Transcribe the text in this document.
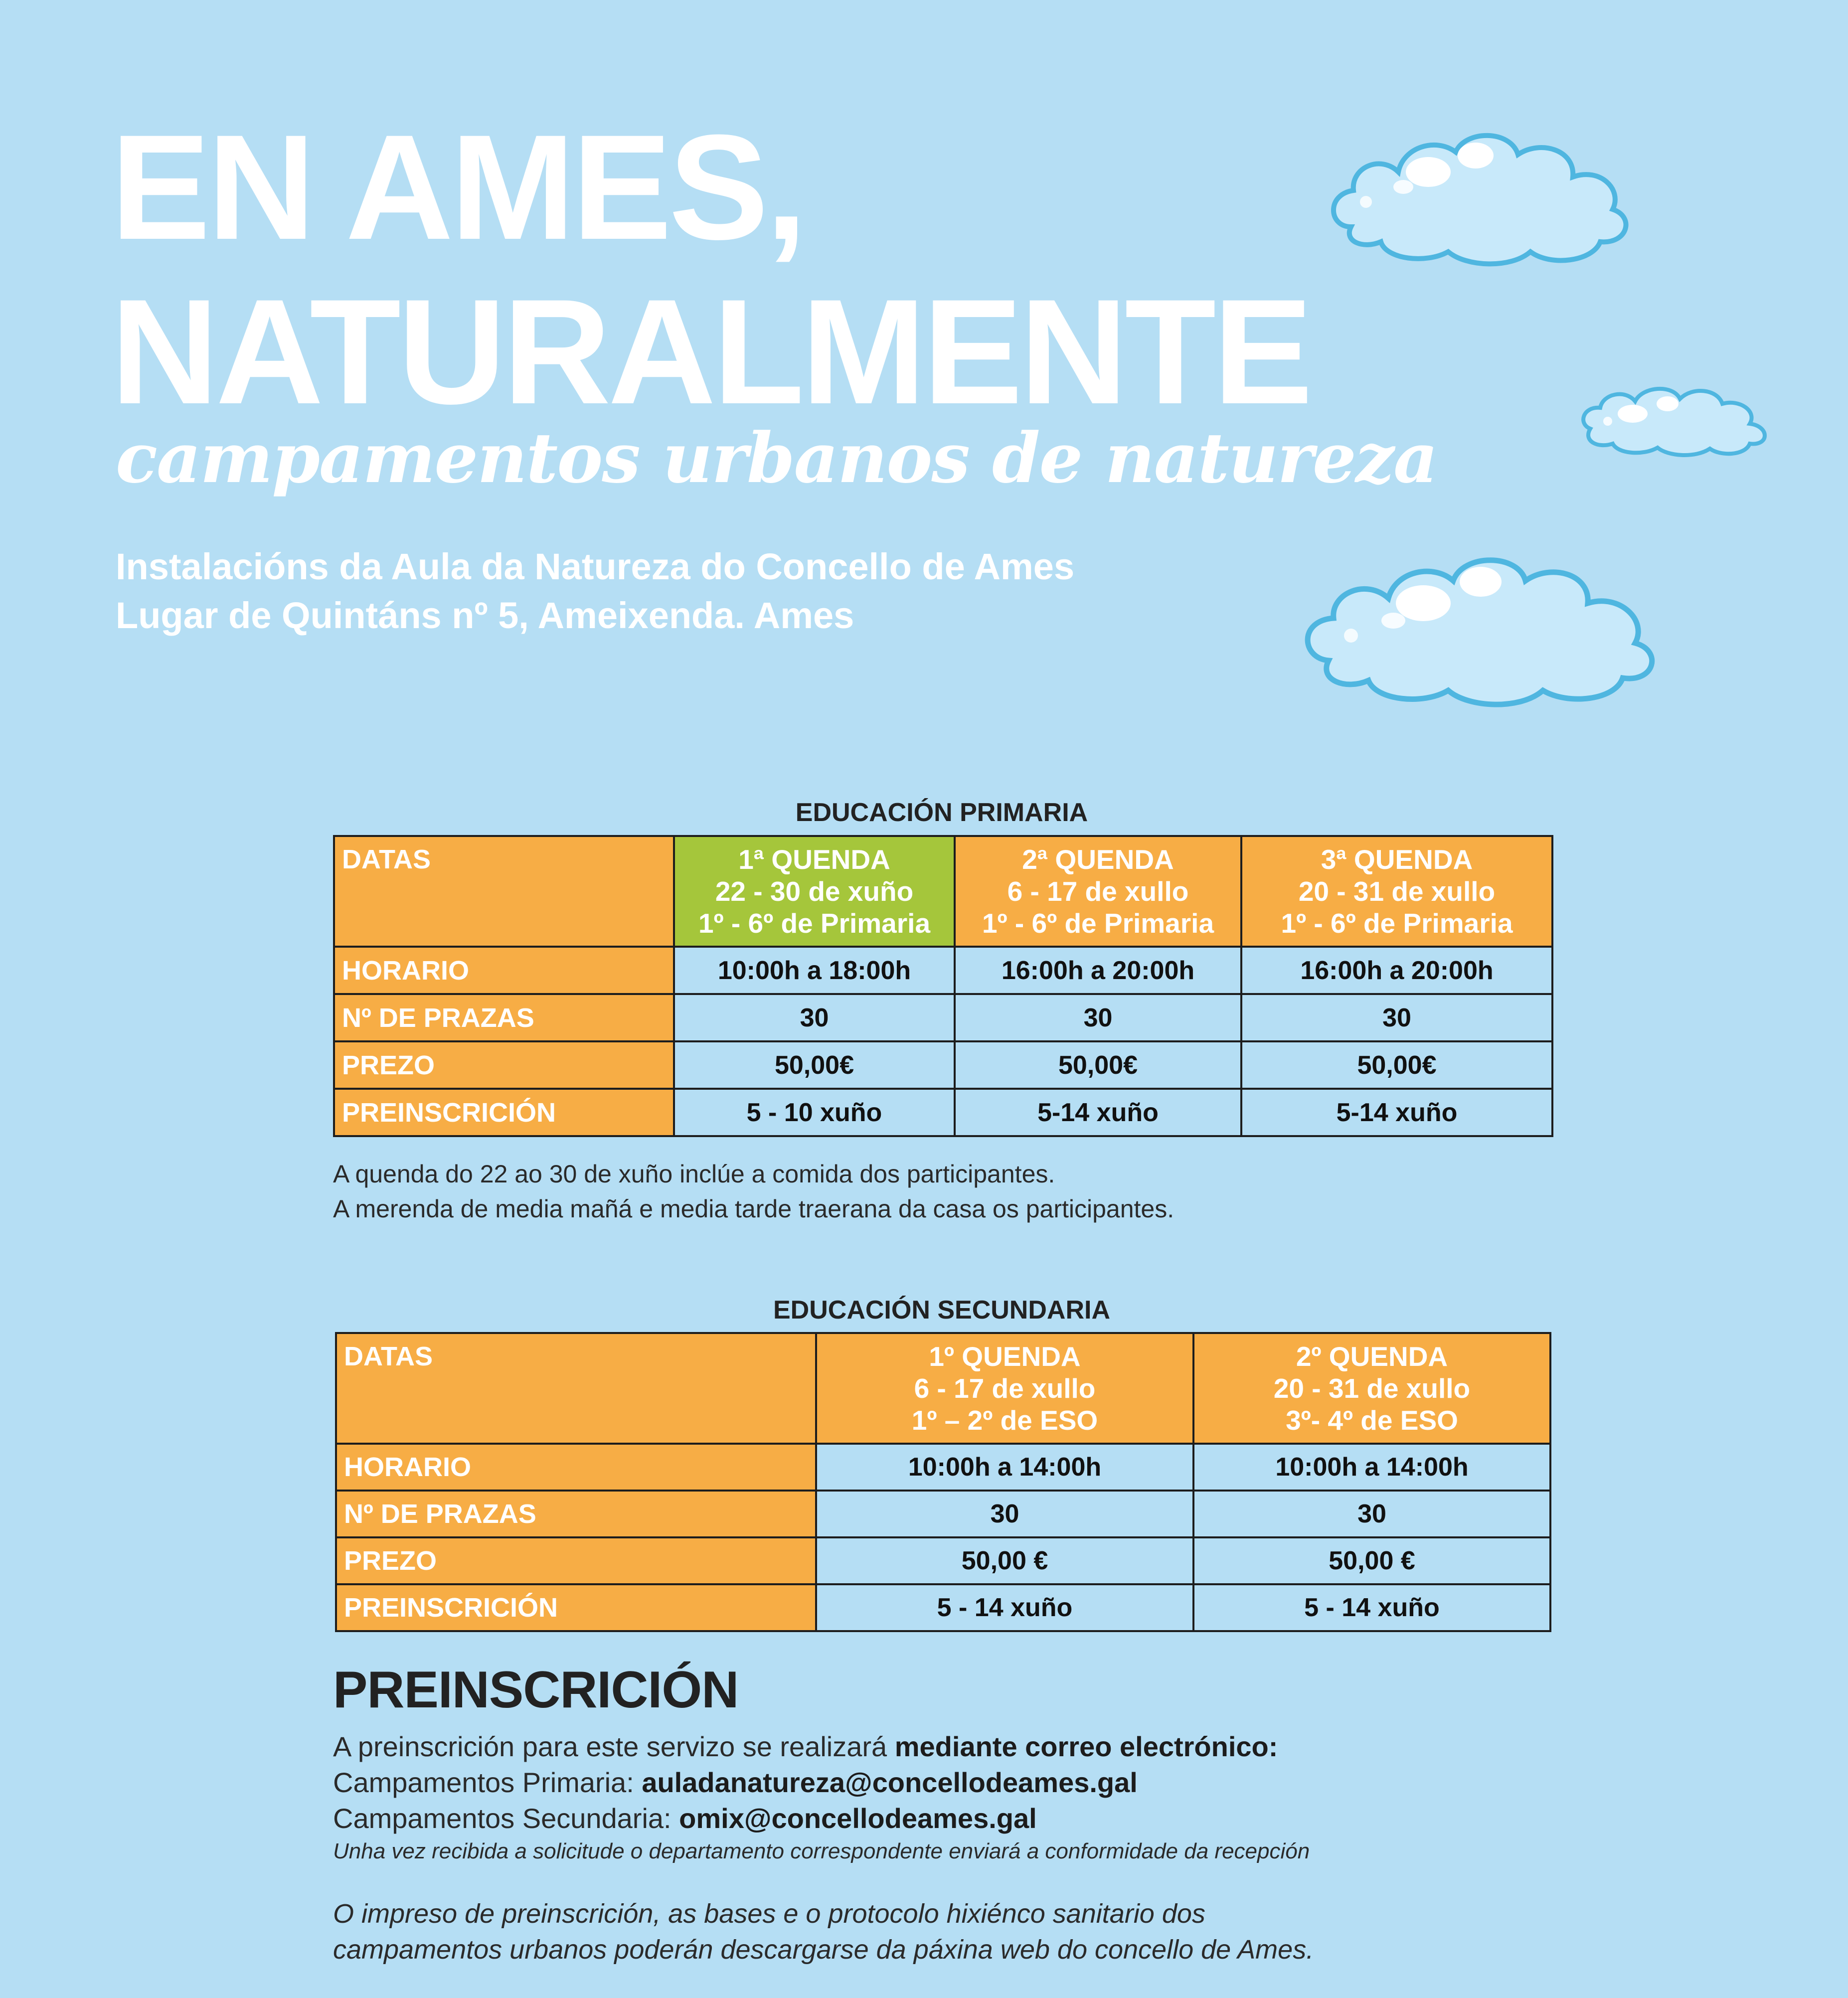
EN AMES,
NATURALMENTE
campamentos urbanos de natureza
Instalacións da Aula da Natureza do Concello de Ames
Lugar de Quintáns nº 5, Ameixenda. Ames
EDUCACIÓN PRIMARIA
DATAS	1ª QUENDA
22 - 30 de xuño
1º - 6º de Primaria	2ª QUENDA
6 - 17 de xullo
1º - 6º de Primaria	3ª QUENDA
20 - 31 de xullo
1º - 6º de Primaria

HORARIO	10:00h a 18:00h	16:00h a 20:00h	16:00h a 20:00h
Nº DE PRAZAS	30	30	30
PREZO	50,00€	50,00€	50,00€
PREINSCRICIÓN	5 - 10 xuño	5-14 xuño	5-14 xuño
A quenda do 22 ao 30 de xuño inclúe a comida dos participantes.
A merenda de media mañá e media tarde traerana da casa os participantes.
EDUCACIÓN SECUNDARIA
DATAS	1º QUENDA
6 - 17 de xullo
1º – 2º de ESO	2º QUENDA
20 - 31 de xullo
3º- 4º de ESO

HORARIO	10:00h a 14:00h	10:00h a 14:00h
Nº DE PRAZAS	30	30
PREZO	50,00 €	50,00 €
PREINSCRICIÓN	5 - 14 xuño	5 - 14 xuño
PREINSCRICIÓN
A preinscrición para este servizo se realizará mediante correo electrónico:
Campamentos Primaria: auladanatureza@concellodeames.gal
Campamentos Secundaria: omix@concellodeames.gal
Unha vez recibida a solicitude o departamento correspondente enviará a conformidade da recepción
O impreso de preinscrición, as bases e o protocolo hixiénco sanitario dos
campamentos urbanos poderán descargarse da páxina web do concello de Ames.
